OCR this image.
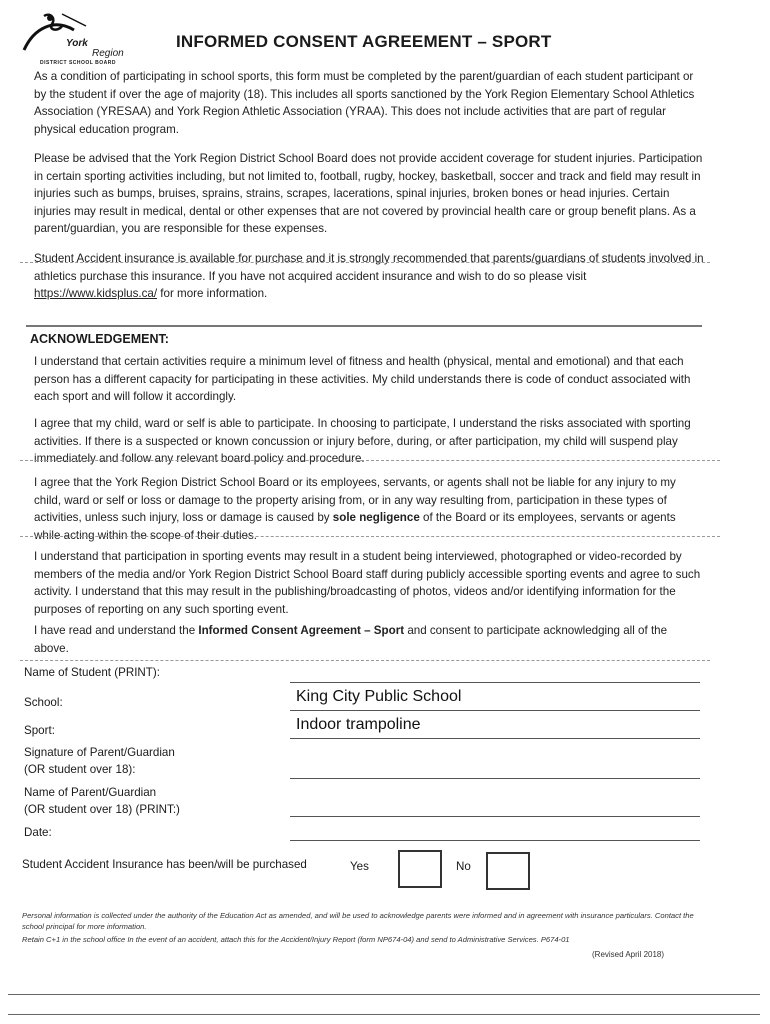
York
Region
DISTRICT SCHOOL BOARD
INFORMED CONSENT AGREEMENT – SPORT
As a condition of participating in school sports, this form must be completed by the parent/guardian of each student participant or by the student if over the age of majority (18). This includes all sports sanctioned by the York Region Elementary School Athletics Association (YRESAA) and York Region Athletic Association (YRAA). This does not include activities that are part of regular physical education program.
Please be advised that the York Region District School Board does not provide accident coverage for student injuries. Participation in certain sporting activities including, but not limited to, football, rugby, hockey, basketball, soccer and track and field may result in injuries such as bumps, bruises, sprains, strains, scrapes, lacerations, spinal injuries, broken bones or head injuries. Certain injuries may result in medical, dental or other expenses that are not covered by provincial health care or group benefit plans. As a parent/guardian, you are responsible for these expenses.
Student Accident insurance is available for purchase and it is strongly recommended that parents/guardians of students involved in athletics purchase this insurance. If you have not acquired accident insurance and wish to do so please visit https://www.kidsplus.ca/ for more information.
ACKNOWLEDGEMENT:
I understand that certain activities require a minimum level of fitness and health (physical, mental and emotional) and that each person has a different capacity for participating in these activities. My child understands there is code of conduct associated with each sport and will follow it accordingly.
I agree that my child, ward or self is able to participate. In choosing to participate, I understand the risks associated with sporting activities. If there is a suspected or known concussion or injury before, during, or after participation, my child will suspend play immediately and follow any relevant board policy and procedure.
I agree that the York Region District School Board or its employees, servants, or agents shall not be liable for any injury to my child, ward or self or loss or damage to the property arising from, or in any way resulting from, participation in these types of activities, unless such injury, loss or damage is caused by sole negligence of the Board or its employees, servants or agents while acting within the scope of their duties.
I understand that participation in sporting events may result in a student being interviewed, photographed or video-recorded by members of the media and/or York Region District School Board staff during publicly accessible sporting events and agree to such activity. I understand that this may result in the publishing/broadcasting of photos, videos and/or identifying information for the purposes of reporting on any such sporting event.
I have read and understand the Informed Consent Agreement – Sport and consent to participate acknowledging all of the above.
Name of Student (PRINT):
School:	King City Public School
Sport:	Indoor trampoline
Signature of Parent/Guardian
(OR student over 18):
Name of Parent/Guardian
(OR student over 18) (PRINT:)
Date:
Student Accident Insurance has been/will be purchased	Yes	No
Personal information is collected under the authority of the Education Act as amended, and will be used to acknowledge parents were informed and in agreement with insurance particulars. Contact the school principal for more information.
Retain C+1 in the school office In the event of an accident, attach this for the Accident/Injury Report (form NP674-04) and send to Administrative Services. P674-01
(Revised April 2018)
